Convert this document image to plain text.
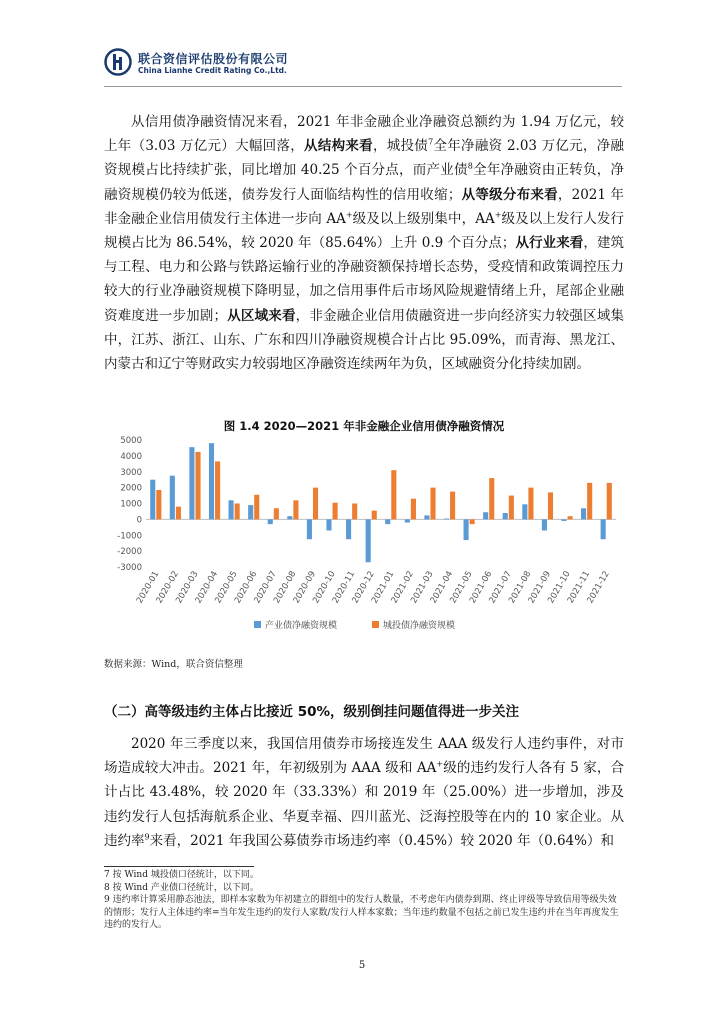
联合资信评估股份有限公司
China Lianhe Credit Rating Co.,Ltd.
从信用债净融资情况来看，2021 年非金融企业净融资总额约为 1.94 万亿元，较上年（3.03 万亿元）大幅回落，从结构来看，城投债$^7$全年净融资 2.03 万亿元，净融资规模占比持续扩张，同比增加 40.25 个百分点，而产业债$^8$全年净融资由正转负，净融资规模仍较为低迷，债券发行人面临结构性的信用收缩；从等级分布来看，2021 年非金融企业信用债发行主体进一步向 AA+级及以上级别集中，AA+级及以上发行人发行规模占比为 86.54%，较 2020 年（85.64%）上升 0.9 个百分点；从行业来看，建筑与工程、电力和公路与铁路运输行业的净融资额保持增长态势，受疫情和政策调控压力较大的行业净融资规模下降明显，加之信用事件后市场风险规避情绪上升，尾部企业融资难度进一步加剧；从区域来看，非金融企业信用债融资进一步向经济实力较强区域集中，江苏、浙江、山东、广东和四川净融资规模合计占比 95.09%，而青海、黑龙江、内蒙古和辽宁等财政实力较弱地区净融资连续两年为负，区域融资分化持续加剧。
图 1.4 2020—2021 年非金融企业信用债净融资情况
-3000
-2000
-1000
0
1000
2000
3000
4000
5000
2020-01
2020-02
2020-03
2020-04
2020-05
2020-06
2020-07
2020-08
2020-09
2020-10
2020-11
2020-12
2021-01
2021-02
2021-03
2021-04
2021-05
2021-06
2021-07
2021-08
2021-09
2021-10
2021-11
2021-12
产业债净融资规模	城投债净融资规模
数据来源：Wind，联合资信整理
（二）高等级违约主体占比接近 50%，级别倒挂问题值得进一步关注
2020 年三季度以来，我国信用债券市场接连发生 AAA 级发行人违约事件，对市场造成较大冲击。2021 年，年初级别为 AAA 级和 AA+级的违约发行人各有 5 家，合计占比 43.48%，较 2020 年（33.33%）和 2019 年（25.00%）进一步增加，涉及违约发行人包括海航系企业、华夏幸福、四川蓝光、泛海控股等在内的 10 家企业。从违约率$^9$来看，2021 年我国公募债券市场违约率（0.45%）较 2020 年（0.64%）和
7 按 Wind 城投债口径统计，以下同。
8 按 Wind 产业债口径统计，以下同。
9 违约率计算采用静态池法，即样本家数为年初建立的群组中的发行人数量，不考虑年内债券到期、终止评级等导致信用等级失效的情形；发行人主体违约率=当年发生违约的发行人家数/发行人样本家数；当年违约数量不包括之前已发生违约并在当年再度发生违约的发行人。
5
